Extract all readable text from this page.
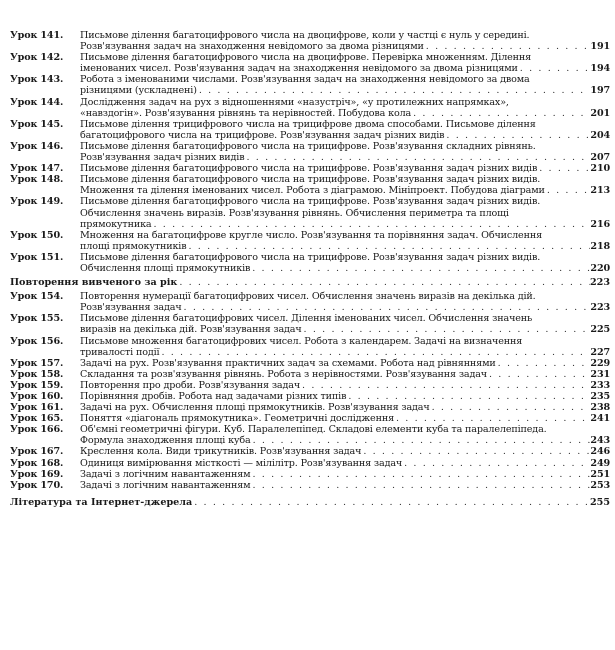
Урок 141.	Письмове ділення багатоцифрового числа на двоцифрове, коли у частці є нуль у середині.
Розв'язування задач на знаходження невідомого за двома різницями . . .	191
Урок 142.	Письмове ділення багатоцифрового числа на двоцифрове. Перевірка множенням. Ділення
іменованих чисел. Розв'язування задач на знаходження невідомого за двома різницями . . .	194
Урок 143.	Робота з іменованими числами. Розв'язування задач на знаходження невідомого за двома
різницями (ускладнені) . . .	197
Урок 144.	Дослідження задач на рух з відношеннями «назустріч», «у протилежних напрямках»,
«навздогін». Розв'язування рівнянь та нерівностей. Побудова кола . . .	201
Урок 145.	Письмове ділення трицифрового числа на трицифрове двома способами. Письмове ділення
багатоцифрового числа на трицифрове. Розв'язування задач різних видів . . .	204
Урок 146.	Письмове ділення багатоцифрового числа на трицифрове. Розв'язування складних рівнянь.
Розв'язування задач різних видів . . .	207
Урок 147.	Письмове ділення багатоцифрового числа на трицифрове. Розв'язування задач різних видів . . .	210
Урок 148.	Письмове ділення багатоцифрового числа на трицифрове. Розв'язування задач різних видів.
Множення та ділення іменованих чисел. Робота з діаграмою. Мініпроект. Побудова діаграми . . .	213
Урок 149.	Письмове ділення багатоцифрового числа на трицифрове. Розв'язування задач різних видів.
Обчислення значень виразів. Розв'язування рівнянь. Обчислення периметра та площі
прямокутника . . .	216
Урок 150.	Множення на багатоцифрове кругле число. Розв'язування та порівняння задач. Обчислення
площі прямокутників . . .	218
Урок 151.	Письмове ділення багатоцифрового числа на трицифрове. Розв'язування задач різних видів.
Обчислення площі прямокутників . . .	220
Повторення вивченого за рік . . .	223
Урок 154.	Повторення нумерації багатоцифрових чисел. Обчислення значень виразів на декілька дій.
Розв'язування задач . . .	223
Урок 155.	Письмове ділення багатоцифрових чисел. Ділення іменованих чисел. Обчислення значень
виразів на декілька дій. Розв'язування задач . . .	225
Урок 156.	Письмове множення багатоцифрових чисел. Робота з календарем. Задачі на визначення
тривалості події . . .	227
Урок 157.	Задачі на рух. Розв'язування практичних задач за схемами. Робота над рівняннями . . .	229
Урок 158.	Складання та розв'язування рівнянь. Робота з нерівностями. Розв'язування задач . . .	231
Урок 159.	Повторення про дроби. Розв'язування задач . . .	233
Урок 160.	Порівняння дробів. Робота над задачами різних типів . . .	235
Урок 161.	Задачі на рух. Обчислення площі прямокутників. Розв'язування задач . . .	238
Урок 165.	Поняття «діагональ прямокутника». Геометричні дослідження . . .	241
Урок 166.	Об'ємні геометричні фігури. Куб. Паралелепіпед. Складові елементи куба та паралелепіпеда.
Формула знаходження площі куба . . .	243
Урок 167.	Креслення кола. Види трикутників. Розв'язування задач . . .	246
Урок 168.	Одиниця вимірювання місткості — мілілітр. Розв'язування задач . . .	249
Урок 169.	Задачі з логічним навантаженням . . .	251
Урок 170.	Задачі з логічним навантаженням . . .	253
Література та Інтернет-джерела . . .	255
